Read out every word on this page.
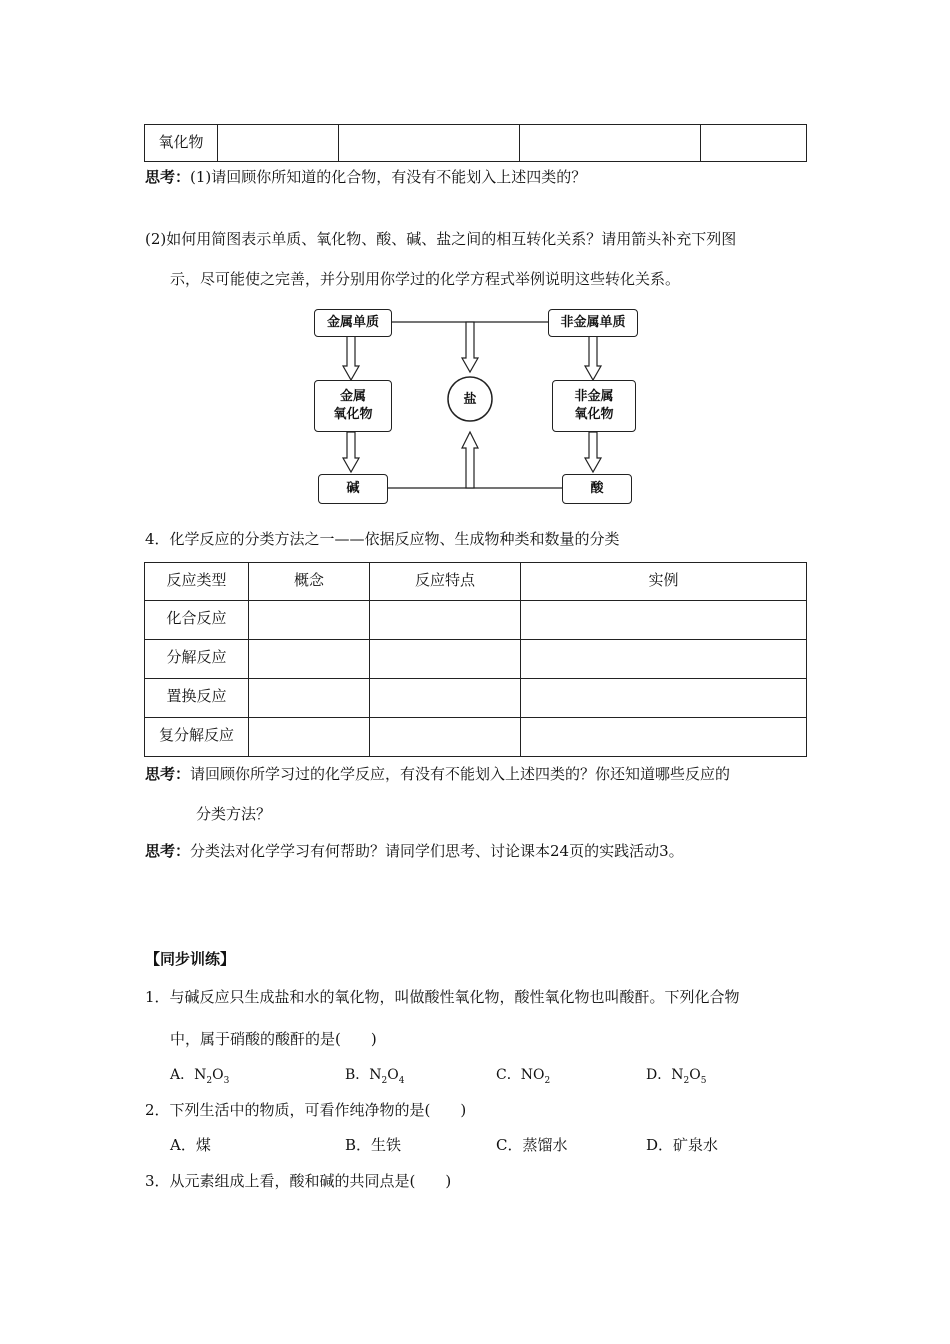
氧化物

思考：(1)请回顾你所知道的化合物，有没有不能划入上述四类的？
(2)如何用简图表示单质、氧化物、酸、碱、盐之间的相互转化关系？请用箭头补充下列图
示，尽可能使之完善，并分别用你学过的化学方程式举例说明这些转化关系。
金属单质	非金属单质
金属
氧化物
盐	非金属
氧化物
碱	酸
4．化学反应的分类方法之一——依据反应物、生成物种类和数量的分类
反应类型	概念	反应特点	实例

化合反应			

分解反应			

置换反应			

复分解反应			

思考：请回顾你所学习过的化学反应，有没有不能划入上述四类的？你还知道哪些反应的
分类方法？
思考：分类法对化学学习有何帮助？请同学们思考、讨论课本24页的实践活动3。
【同步训练】
1．与碱反应只生成盐和水的氧化物，叫做酸性氧化物，酸性氧化物也叫酸酐。下列化合物
中，属于硝酸的酸酐的是(　　)
A．$N_2O_3$	B．$N_2O_4$	C．$NO_2$	D．$N_2O_5$
2．下列生活中的物质，可看作纯净物的是(　　)
A．煤	B．生铁	C．蒸馏水	D．矿泉水
3．从元素组成上看，酸和碱的共同点是(　　)
